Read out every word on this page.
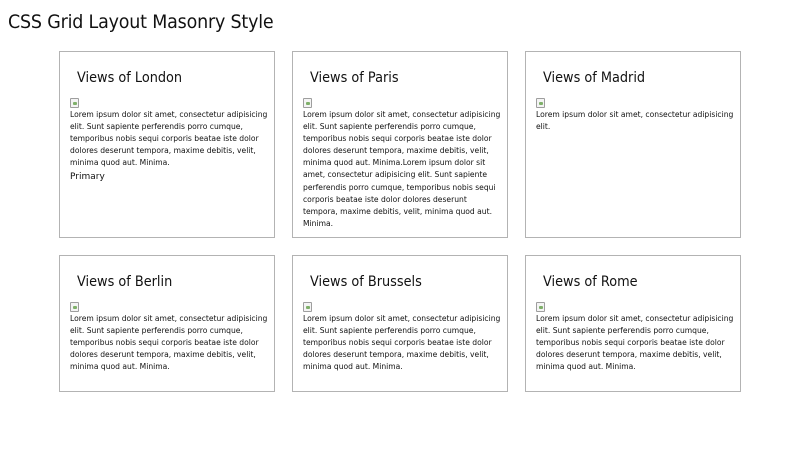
CSS Grid Layout Masonry Style
Views of London

Lorem ipsum dolor sit amet, consectetur adipisicing elit. Sunt sapiente perferendis porro cumque, temporibus nobis sequi corporis beatae iste dolor dolores deserunt tempora, maxime debitis, velit, minima quod aut. Minima.

Primary

Views of Paris

Lorem ipsum dolor sit amet, consectetur adipisicing elit. Sunt sapiente perferendis porro cumque, temporibus nobis sequi corporis beatae iste dolor dolores deserunt tempora, maxime debitis, velit, minima quod aut. Minima.Lorem ipsum dolor sit amet, consectetur adipisicing elit. Sunt sapiente perferendis porro cumque, temporibus nobis sequi corporis beatae iste dolor dolores deserunt tempora, maxime debitis, velit, minima quod aut. Minima.

Views of Madrid

Lorem ipsum dolor sit amet, consectetur adipisicing elit.

Views of Berlin

Lorem ipsum dolor sit amet, consectetur adipisicing elit. Sunt sapiente perferendis porro cumque, temporibus nobis sequi corporis beatae iste dolor dolores deserunt tempora, maxime debitis, velit, minima quod aut. Minima.

Views of Brussels

Lorem ipsum dolor sit amet, consectetur adipisicing elit. Sunt sapiente perferendis porro cumque, temporibus nobis sequi corporis beatae iste dolor dolores deserunt tempora, maxime debitis, velit, minima quod aut. Minima.

Views of Rome

Lorem ipsum dolor sit amet, consectetur adipisicing elit. Sunt sapiente perferendis porro cumque, temporibus nobis sequi corporis beatae iste dolor dolores deserunt tempora, maxime debitis, velit, minima quod aut. Minima.
